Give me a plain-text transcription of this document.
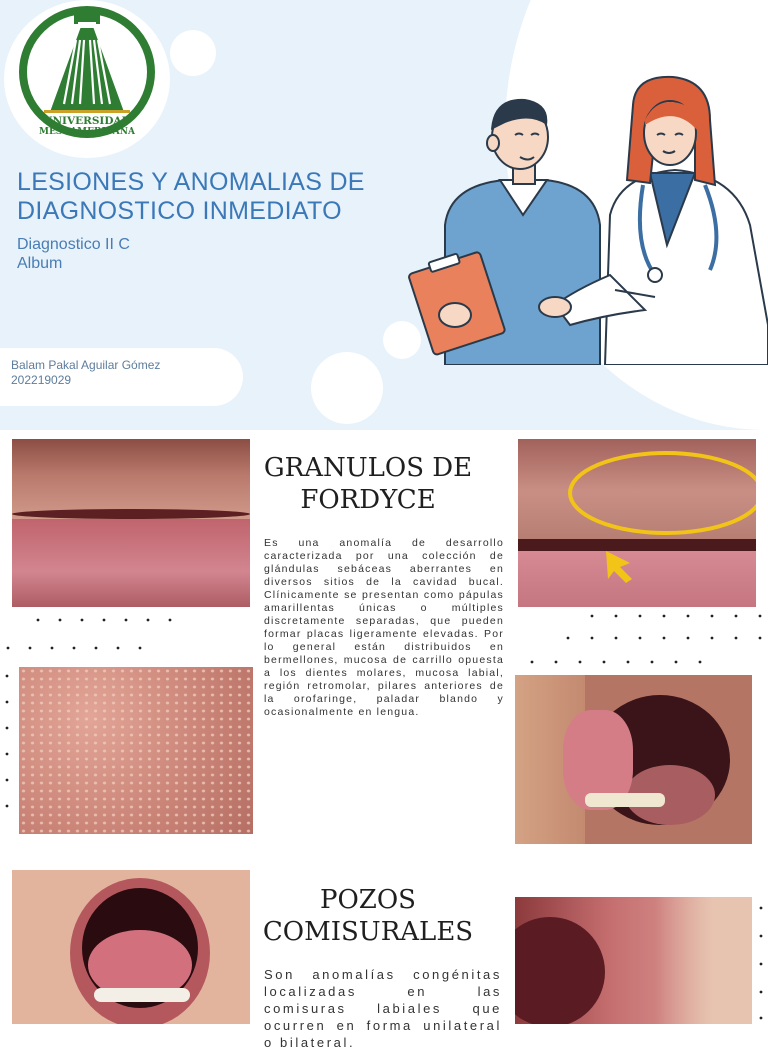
UNIVERSIDAD
MESOAMERICANA
LESIONES Y ANOMALIAS DE DIAGNOSTICO INMEDIATO
Diagnostico II C
Album
Balam Pakal Aguilar Gómez
202219029
GRANULOS DE FORDYCE
Es una anomalía de desarrollo caracterizada por una colección de glándulas sebáceas aberrantes en diversos sitios de la cavidad bucal. Clínicamente se presentan como pápulas amarillentas únicas o múltiples discretamente separadas, que pueden formar placas ligeramente elevadas. Por lo general están distribuidos en bermellones, mucosa de carrillo opuesta a los dientes molares, mucosa labial, región retromolar, pilares anteriores de la orofaringe, paladar blando y ocasionalmente en lengua.
POZOS COMISURALES
Son anomalías congénitas localizadas en las comisuras labiales que ocurren en forma unilateral o bilateral.
